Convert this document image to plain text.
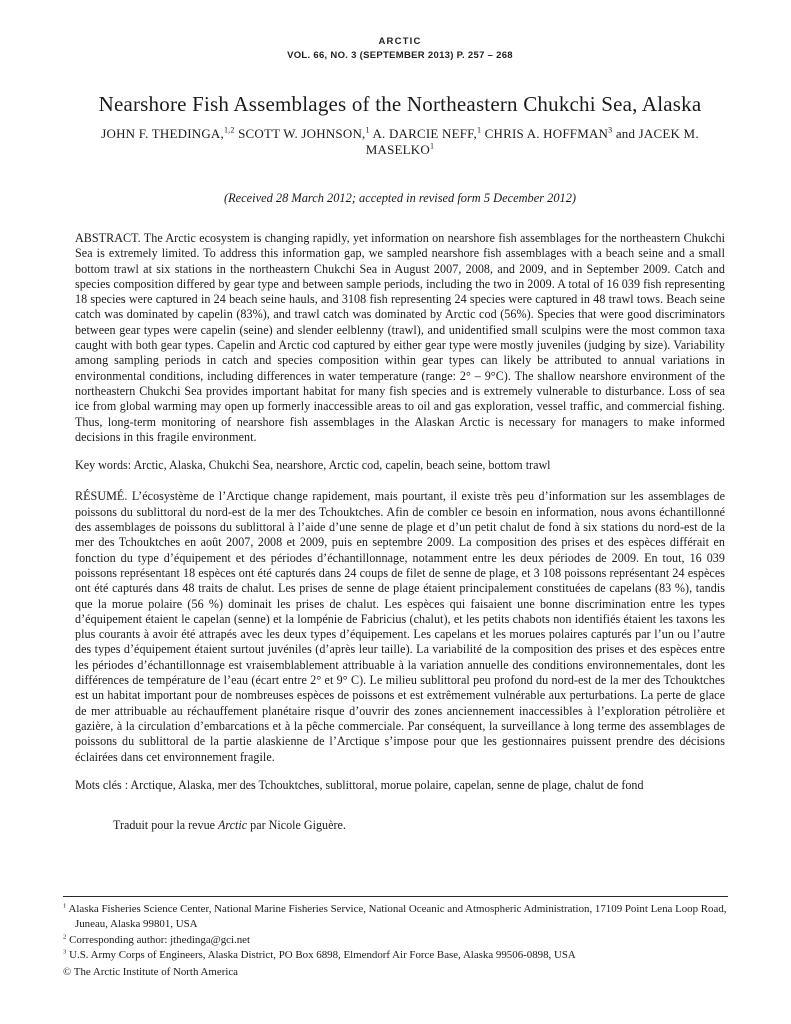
ARCTIC
VOL. 66, NO. 3 (SEPTEMBER 2013) P. 257 – 268
Nearshore Fish Assemblages of the Northeastern Chukchi Sea, Alaska
JOHN F. THEDINGA,$^{1,2}$ SCOTT W. JOHNSON,$^1$ A. DARCIE NEFF,$^1$ CHRIS A. HOFFMAN$^3$ and JACEK M. MASELKO$^1$
(Received 28 March 2012; accepted in revised form 5 December 2012)

ABSTRACT. The Arctic ecosystem is changing rapidly, yet information on nearshore fish assemblages for the northeastern Chukchi Sea is extremely limited. To address this information gap, we sampled nearshore fish assemblages with a beach seine and a small bottom trawl at six stations in the northeastern Chukchi Sea in August 2007, 2008, and 2009, and in September 2009. Catch and species composition differed by gear type and between sample periods, including the two in 2009. A total of 16 039 fish representing 18 species were captured in 24 beach seine hauls, and 3108 fish representing 24 species were captured in 48 trawl tows. Beach seine catch was dominated by capelin (83%), and trawl catch was dominated by Arctic cod (56%). Species that were good discriminators between gear types were capelin (seine) and slender eelblenny (trawl), and unidentified small sculpins were the most common taxa caught with both gear types. Capelin and Arctic cod captured by either gear type were mostly juveniles (judging by size). Variability among sampling periods in catch and species composition within gear types can likely be attributed to annual variations in environmental conditions, including differences in water temperature (range: 2° – 9°C). The shallow nearshore environment of the northeastern Chukchi Sea provides important habitat for many fish species and is extremely vulnerable to disturbance. Loss of sea ice from global warming may open up formerly inaccessible areas to oil and gas exploration, vessel traffic, and commercial fishing. Thus, long-term monitoring of nearshore fish assemblages in the Alaskan Arctic is necessary for managers to make informed decisions in this fragile environment.

Key words: Arctic, Alaska, Chukchi Sea, nearshore, Arctic cod, capelin, beach seine, bottom trawl

RÉSUMÉ. L’écosystème de l’Arctique change rapidement, mais pourtant, il existe très peu d’information sur les assemblages de poissons du sublittoral du nord-est de la mer des Tchouktches. Afin de combler ce besoin en information, nous avons échantillonné des assemblages de poissons du sublittoral à l’aide d’une senne de plage et d’un petit chalut de fond à six stations du nord-est de la mer des Tchouktches en août 2007, 2008 et 2009, puis en septembre 2009. La composition des prises et des espèces différait en fonction du type d’équipement et des périodes d’échantillonnage, notamment entre les deux périodes de 2009. En tout, 16 039 poissons représentant 18 espèces ont été capturés dans 24 coups de filet de senne de plage, et 3 108 poissons représentant 24 espèces ont été capturés dans 48 traits de chalut. Les prises de senne de plage étaient principalement constituées de capelans (83 %), tandis que la morue polaire (56 %) dominait les prises de chalut. Les espèces qui faisaient une bonne discrimination entre les types d’équipement étaient le capelan (senne) et la lompénie de Fabricius (chalut), et les petits chabots non identifiés étaient les taxons les plus courants à avoir été attrapés avec les deux types d’équipement. Les capelans et les morues polaires capturés par l’un ou l’autre des types d’équipement étaient surtout juvéniles (d’après leur taille). La variabilité de la composition des prises et des espèces entre les périodes d’échantillonnage est vraisemblablement attribuable à la variation annuelle des conditions environnementales, dont les différences de température de l’eau (écart entre 2° et 9° C). Le milieu sublittoral peu profond du nord-est de la mer des Tchouktches est un habitat important pour de nombreuses espèces de poissons et est extrêmement vulnérable aux perturbations. La perte de glace de mer attribuable au réchauffement planétaire risque d’ouvrir des zones anciennement inaccessibles à l’exploration pétrolière et gazière, à la circulation d’embarcations et à la pêche commerciale. Par conséquent, la surveillance à long terme des assemblages de poissons du sublittoral de la partie alaskienne de l’Arctique s’impose pour que les gestionnaires puissent prendre des décisions éclairées dans cet environnement fragile.

Mots clés : Arctique, Alaska, mer des Tchouktches, sublittoral, morue polaire, capelan, senne de plage, chalut de fond

Traduit pour la revue Arctic par Nicole Giguère.

$^1$ Alaska Fisheries Science Center, National Marine Fisheries Service, National Oceanic and Atmospheric Administration, 17109 Point Lena Loop Road, Juneau, Alaska 99801, USA
$^2$ Corresponding author: jthedinga@gci.net
$^3$ U.S. Army Corps of Engineers, Alaska District, PO Box 6898, Elmendorf Air Force Base, Alaska 99506-0898, USA
© The Arctic Institute of North America
